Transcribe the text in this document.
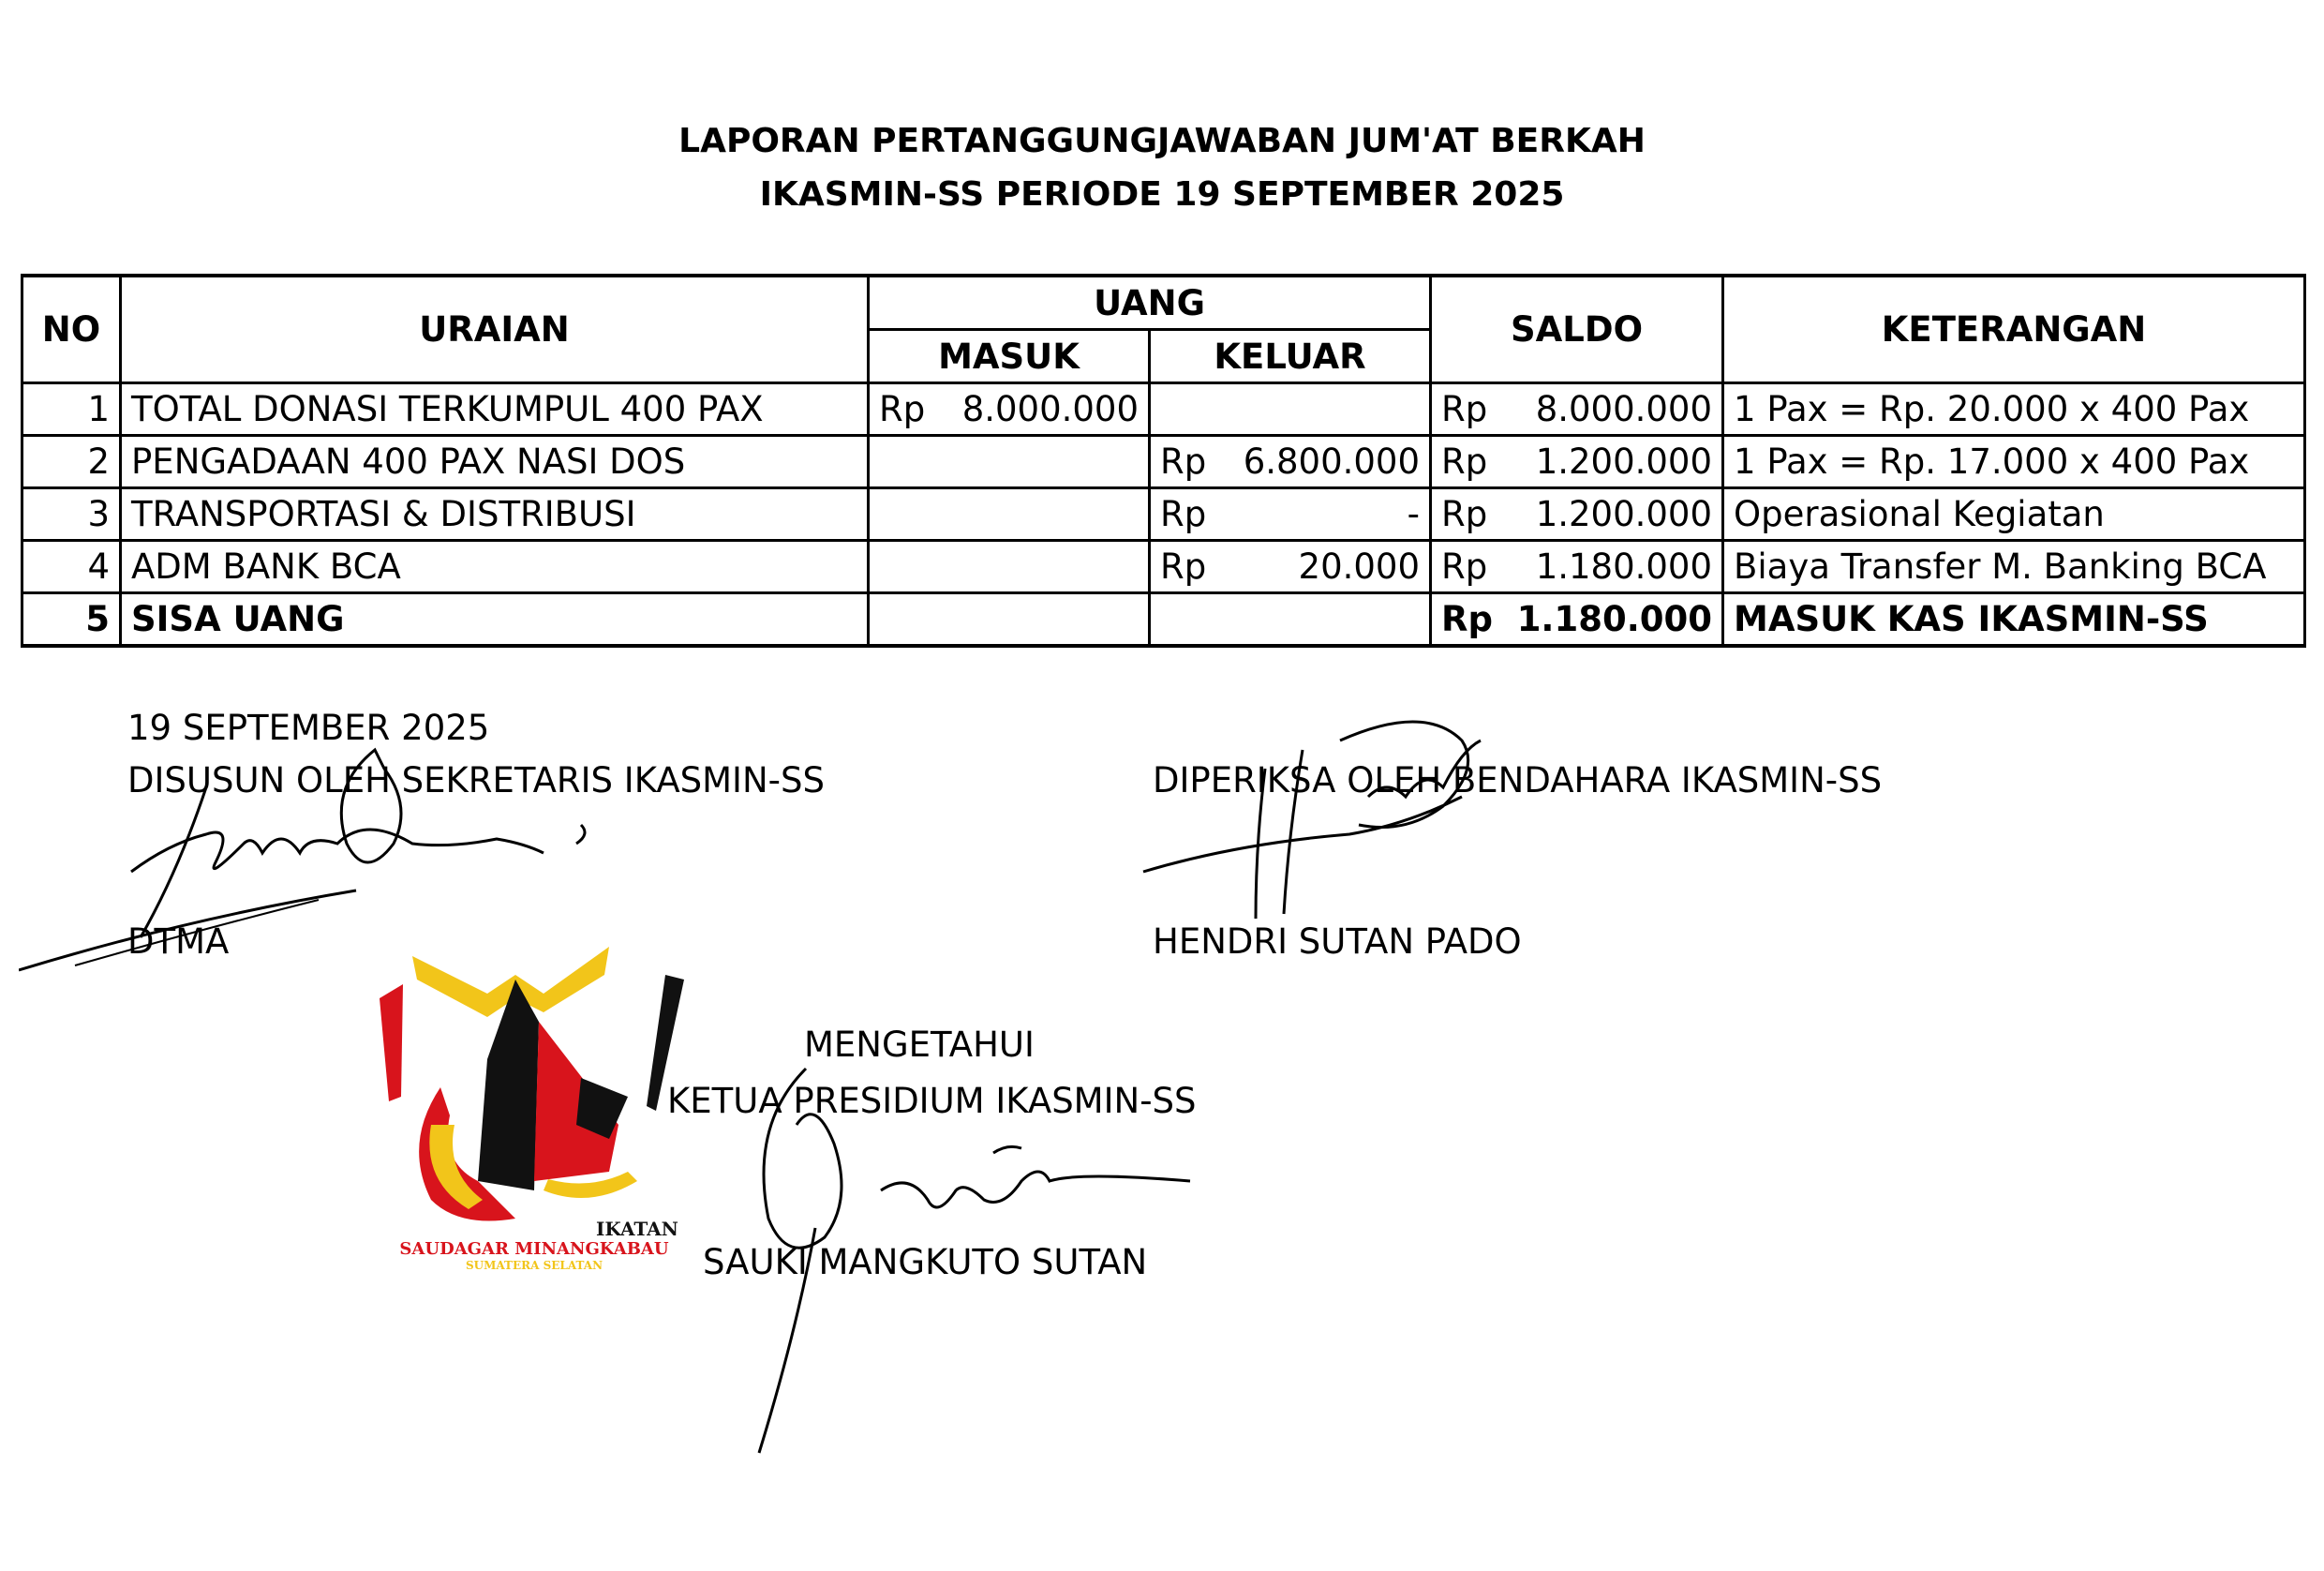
LAPORAN PERTANGGUNGJAWABAN JUM'AT BERKAH
IKASMIN-SS PERIODE 19 SEPTEMBER 2025
NO	URAIAN	UANG		SALDO	KETERANGAN
		MASUK	KELUAR		
1	TOTAL DONASI TERKUMPUL 400 PAX	Rp 8.000.000		Rp 8.000.000	1 Pax = Rp. 20.000 x 400 Pax
2	PENGADAAN 400 PAX NASI DOS		Rp 6.800.000	Rp 1.200.000	1 Pax = Rp. 17.000 x 400 Pax
3	TRANSPORTASI & DISTRIBUSI		Rp -	Rp 1.200.000	Operasional Kegiatan
4	ADM BANK BCA		Rp 20.000	Rp 1.180.000	Biaya Transfer M. Banking BCA
5	SISA UANG			Rp 1.180.000	MASUK KAS IKASMIN-SS
19 SEPTEMBER 2025
DISUSUN OLEH SEKRETARIS IKASMIN-SS
DTMA
DIPERIKSA OLEH BENDAHARA IKASMIN-SS
HENDRI SUTAN PADO
MENGETAHUI
KETUA PRESIDIUM IKASMIN-SS
SAUKI MANGKUTO SUTAN
IKATAN
SAUDAGAR MINANGKABAU
SUMATERA SELATAN
